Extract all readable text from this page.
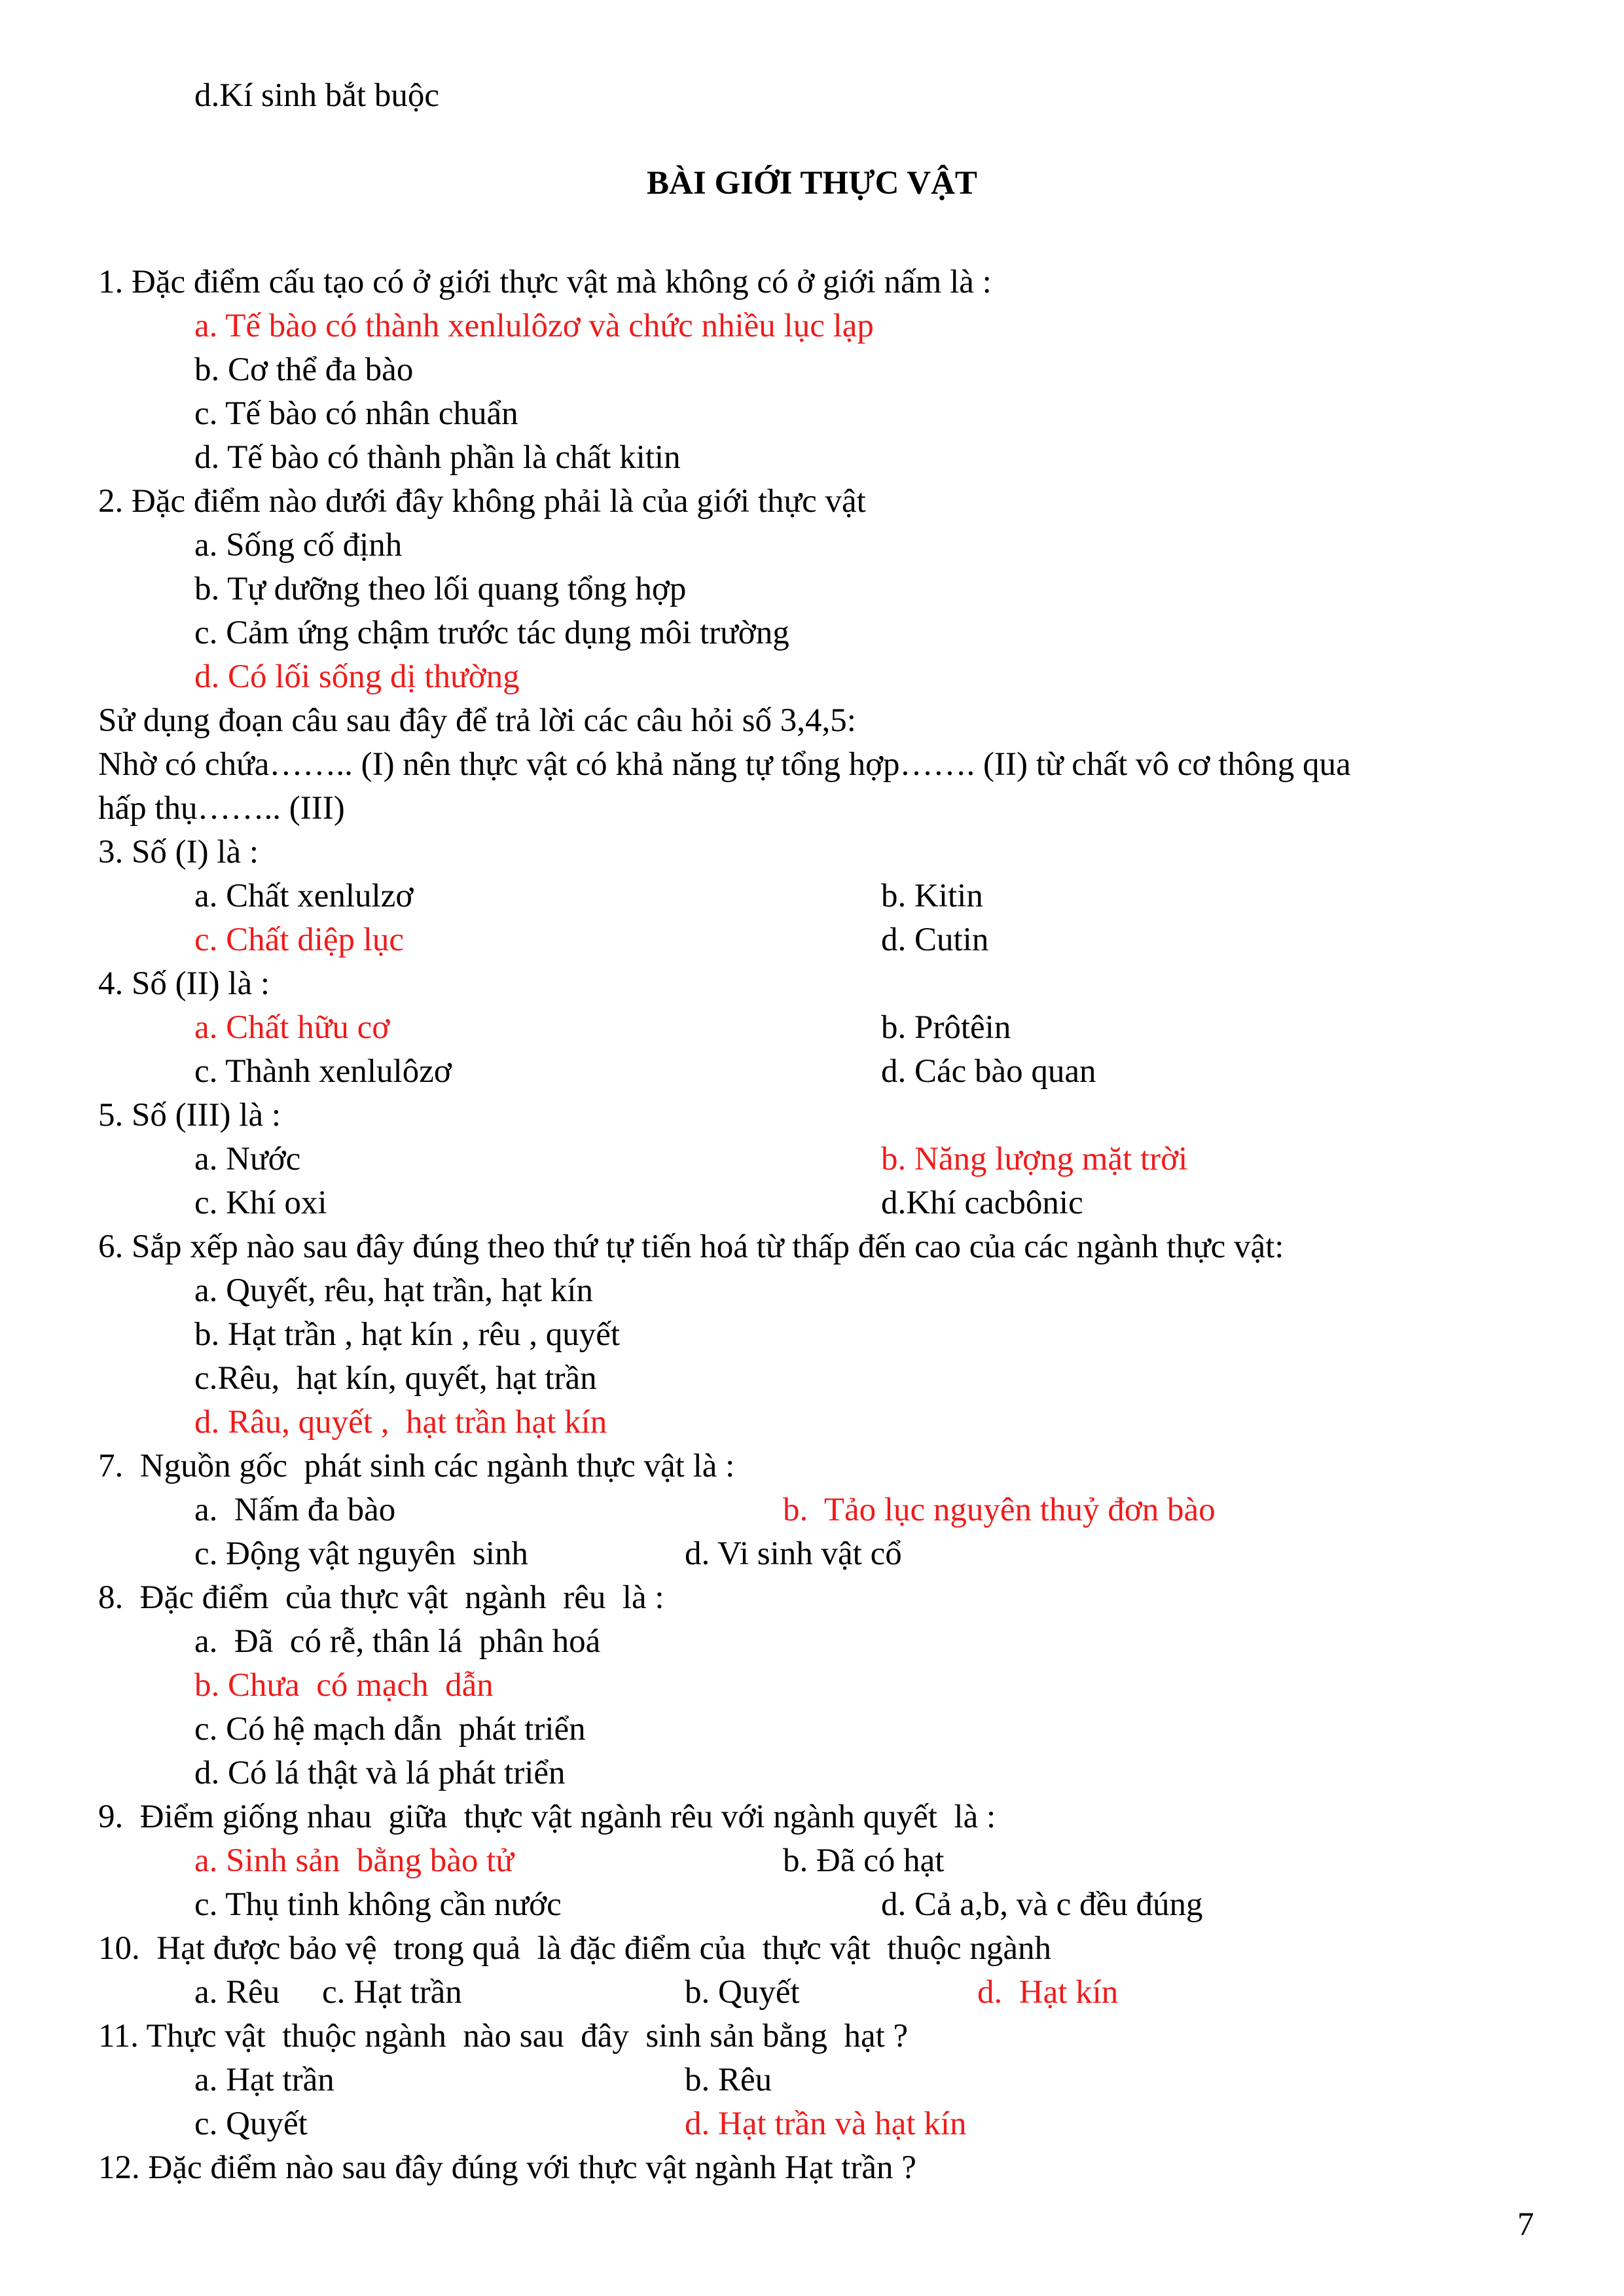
d.Kí sinh bắt buộc
BÀI GIỚI THỰC VẬT
1. Đặc điểm cấu tạo có ở giới thực vật mà không có ở giới nấm là :
a. Tế bào có thành xenlulôzơ và chức nhiều lục lạp
b. Cơ thể đa bào
c. Tế bào có nhân chuẩn
d. Tế bào có thành phần là chất kitin
2. Đặc điểm nào dưới đây không phải là của giới thực vật
a. Sống cố định
b. Tự dưỡng theo lối quang tổng hợp
c. Cảm ứng chậm trước tác dụng môi trường
d. Có lối sống dị thường
Sử dụng đoạn câu sau đây để trả lời các câu hỏi số 3,4,5:
Nhờ có chứa…….. (I) nên thực vật có khả năng tự tổng hợp……. (II) từ chất vô cơ thông qua
hấp thụ…….. (III)
3. Số (I) là :
a. Chất xenlulzơ	b. Kitin
c. Chất diệp lục	d. Cutin
4. Số (II) là :
a. Chất hữu cơ	b. Prôtêin
c. Thành xenlulôzơ	d. Các bào quan
5. Số (III) là :
a. Nước	b. Năng lượng mặt trời
c. Khí oxi	d.Khí cacbônic
6. Sắp xếp nào sau đây đúng theo thứ tự tiến hoá từ thấp đến cao của các ngành thực vật:
a. Quyết, rêu, hạt trần, hạt kín
b. Hạt trần , hạt kín , rêu , quyết
c.Rêu,  hạt kín, quyết, hạt trần
d. Râu, quyết ,  hạt trần hạt kín
7.  Nguồn gốc  phát sinh các ngành thực vật là :
a.  Nấm đa bào	b.  Tảo lục nguyên thuỷ đơn bào
c. Động vật nguyên  sinh	d. Vi sinh vật cổ
8.  Đặc điểm  của thực vật  ngành  rêu  là :
a.  Đã  có rễ, thân lá  phân hoá
b. Chưa  có mạch  dẫn
c. Có hệ mạch dẫn  phát triển
d. Có lá thật và lá phát triển
9.  Điểm giống nhau  giữa  thực vật ngành rêu với ngành quyết  là :
a. Sinh sản  bằng bào tử	b. Đã có hạt
c. Thụ tinh không cần nước	d. Cả a,b, và c đều đúng
10.  Hạt được bảo vệ  trong quả  là đặc điểm của  thực vật  thuộc ngành
a. Rêu c. Hạt trần	b. Quyết	d.  Hạt kín
11. Thực vật  thuộc ngành  nào sau  đây  sinh sản bằng  hạt ?
a. Hạt trần	b. Rêu
c. Quyết	d. Hạt trần và hạt kín
12. Đặc điểm nào sau đây đúng với thực vật ngành Hạt trần ?
7
